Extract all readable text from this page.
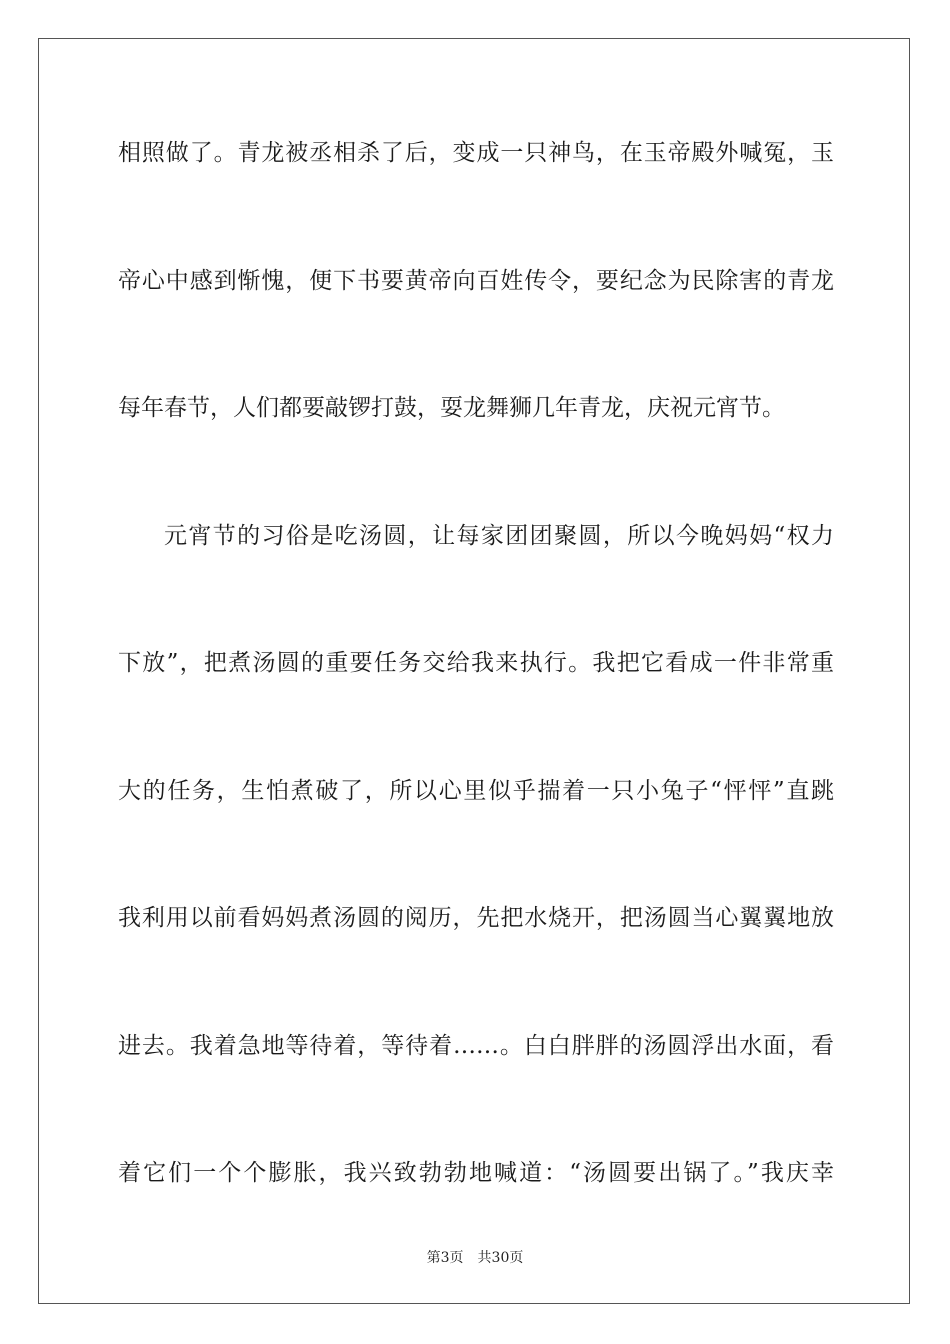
相照做了。青龙被丞相杀了后，变成一只神鸟，在玉帝殿外喊冤，玉
帝心中感到惭愧，便下书要黄帝向百姓传令，要纪念为民除害的青龙
每年春节，人们都要敲锣打鼓，耍龙舞狮几年青龙，庆祝元宵节。
元宵节的习俗是吃汤圆，让每家团团聚圆，所以今晚妈妈“权力
下放”，把煮汤圆的重要任务交给我来执行。我把它看成一件非常重
大的任务，生怕煮破了，所以心里似乎揣着一只小兔子“怦怦”直跳
我利用以前看妈妈煮汤圆的阅历，先把水烧开，把汤圆当心翼翼地放
进去。我着急地等待着，等待着……。白白胖胖的汤圆浮出水面，看
着它们一个个膨胀，我兴致勃勃地喊道：“汤圆要出锅了。”我庆幸
第3页 共30页
